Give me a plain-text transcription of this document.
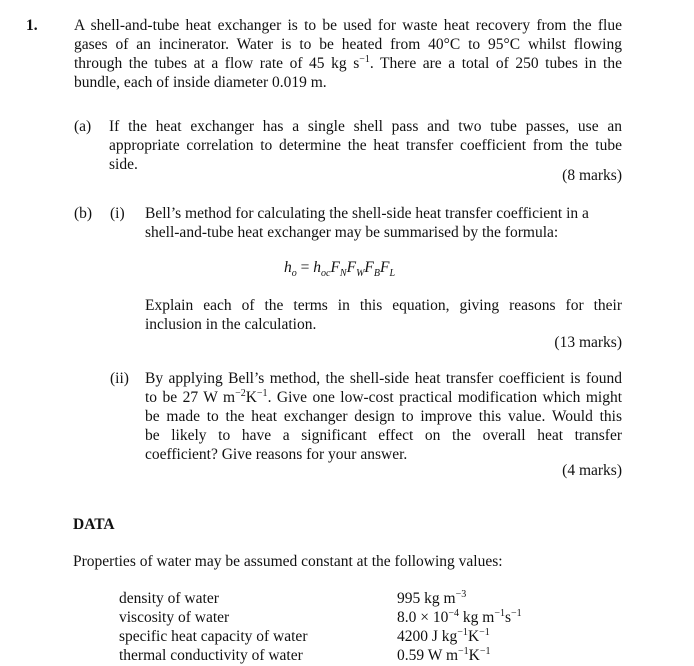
1. A shell-and-tube heat exchanger is to be used for waste heat recovery from the flue
gases of an incinerator. Water is to be heated from 40°C to 95°C whilst flowing
through the tubes at a flow rate of 45 kg $s^{-1}$. There are a total of 250 tubes in the
bundle, each of inside diameter 0.019 m.
(a) If the heat exchanger has a single shell pass and two tube passes, use an
appropriate correlation to determine the heat transfer coefficient from the tube
side.
(8 marks)
(b) (i) Bell’s method for calculating the shell-side heat transfer coefficient in a
shell-and-tube heat exchanger may be summarised by the formula:
$h_o = h_{oc}F_NF_WF_BF_L$
Explain each of the terms in this equation, giving reasons for their
inclusion in the calculation.
(13 marks)
(ii) By applying Bell’s method, the shell-side heat transfer coefficient is found
to be 27 W $m^{-2}K^{-1}$. Give one low-cost practical modification which might
be made to the heat exchanger design to improve this value. Would this
be likely to have a significant effect on the overall heat transfer
coefficient? Give reasons for your answer.
(4 marks)
DATA
Properties of water may be assumed constant at the following values:
density of water
viscosity of water
specific heat capacity of water
thermal conductivity of water
995 kg $m^{-3}$
$8.0 \times 10^{-4}$ kg $m^{-1}s^{-1}$
4200 J $kg^{-1}K^{-1}$
0.59 W $m^{-1}K^{-1}$
